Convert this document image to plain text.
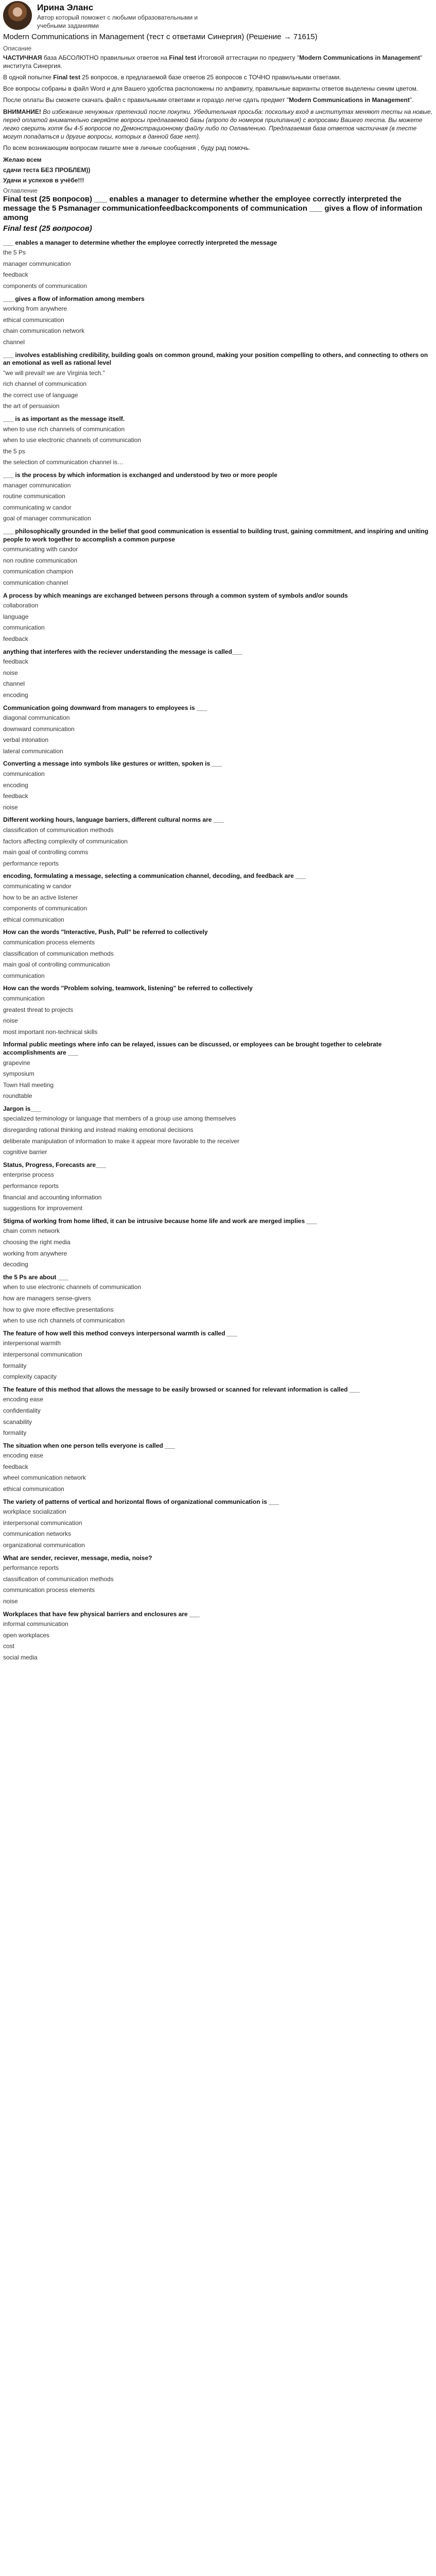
Ирина Эланс
Автор который поможет с любыми образовательными и учебными заданиями
Modern Communications in Management (тест с ответами Синергия) (Решение → 71615)
Описание

ЧАСТИЧНАЯ база АБСОЛЮТНО правильных ответов на Final test Итоговой аттестации по предмету "Modern Communications in Management" института Синергия.

В одной попытке Final test 25 вопросов, в предлагаемой базе ответов 25 вопросов с ТОЧНО правильными ответами.

Все вопросы собраны в файл Word и для Вашего удобства расположены по алфавиту, правильные варианты ответов выделены синим цветом.

После оплаты Вы сможете скачать файл с правильными ответами и гораздо легче сдать предмет "Modern Communications in Management".

ВНИМАНИЕ! Во избежание ненужных претензий после покупки. Убедительная просьба: поскольку вход в институтах меняют тесты на новые, перед оплатой внимательно сверяйте вопросы предлагаемой базы (апропо до номеров прилипания) с вопросами Вашего теста. Вы можете легко сверить хотя бы 4-5 вопросов по Демонстрационному файлу либо по Оглавлению. Предлагаемая база ответов частичная (в тесте могут попадаться и другие вопросы, которых в данной базе нет).

По всем возникающим вопросам пишите мне в личные сообщения , буду рад помочь.

Желаю всем
сдачи теста БЕЗ ПРОБЛЕМ))
Удачи и успехов в учёбе!!!
Оглавление
Final test (25 вопросов) ___ enables a manager to determine whether the employee correctly interpreted the message the 5 Psmanager communicationfeedbackcomponents of communication ___ gives a flow of information among
Final test (25 вопросов)
___ enables a manager to determine whether the employee correctly interpreted the message
the 5 Ps
manager communication
feedback
components of communication
___ gives a flow of information among members
working from anywhere
ethical communication
chain communication network
channel
___ involves establishing credibility, building goals on common ground, making your position compelling to others, and connecting to others on an emotional as well as rational level
"we will prevail! we are Virginia tech."
rich channel of communication
the correct use of language
the art of persuasion
___ is as important as the message itself.
when to use rich channels of communication
when to use electronic channels of communication
the 5 ps
the selection of communication channel is…
___ is the process by which information is exchanged and understood by two or more people
manager communication
routine communication
communicating w candor
goal of manager communication
___ philosophically grounded in the belief that good communication is essential to building trust, gaining commitment, and inspiring and uniting people to work together to accomplish a common purpose
communicating with candor
non routine communication
communication champion
communication channel
A process by which meanings are exchanged between persons through a common system of symbols and/or sounds
collaboration
language
communication
feedback
anything that interferes with the reciever understanding the message is called___
feedback
noise
channel
encoding
Communication going downward from managers to employees is ___
diagonal communication
downward communication
verbal intonation
lateral communication
Converting a message into symbols like gestures or written, spoken is ___
communication
encoding
feedback
noise
Different working hours, language barriers, different cultural norms are ___
classification of communication methods
factors affecting complexity of communication
main goal of controlling comms
performance reports
encoding, formulating a message, selecting a communication channel, decoding, and feedback are ___
communicating w candor
how to be an active listener
components of communication
ethical communication
How can the words "Interactive, Push, Pull" be referred to collectively
communication process elements
classification of communication methods
main goal of controlling communication
communication
How can the words "Problem solving, teamwork, listening" be referred to collectively
communication
greatest threat to projects
noise
most important non-technical skills
Informal public meetings where info can be relayed, issues can be discussed, or employees can be brought together to celebrate accomplishments are ___
grapevine
symposium
Town Hall meeting
roundtable
Jargon is___
specialized terminology or language that members of a group use among themselves
disregarding rational thinking and instead making emotional decisions
deliberate manipulation of information to make it appear more favorable to the receiver
cognitive barrier
Status, Progress, Forecasts are___
enterprise process
performance reports
financial and accounting information
suggestions for improvement
Stigma of working from home lifted, it can be intrusive because home life and work are merged implies ___
chain comm network
choosing the right media
working from anywhere
decoding
the 5 Ps are about ___
when to use electronic channels of communication
how are managers sense-givers
how to give more effective presentations
when to use rich channels of communication
The feature of how well this method conveys interpersonal warmth is called ___
interpersonal warmth
interpersonal communication
formality
complexity capacity
The feature of this method that allows the message to be easily browsed or scanned for relevant information is called ___
encoding ease
confidentiality
scanability
formality
The situation when one person tells everyone is called ___
encoding ease
feedback
wheel communication network
ethical communication
The variety of patterns of vertical and horizontal flows of organizational communication is ___
workplace socialization
interpersonal communication
communication networks
organizational communication
What are sender, reciever, message, media, noise?
performance reports
classification of communication methods
communication process elements
noise
Workplaces that have few physical barriers and enclosures are ___
informal communication
open workplaces
cost
social media
